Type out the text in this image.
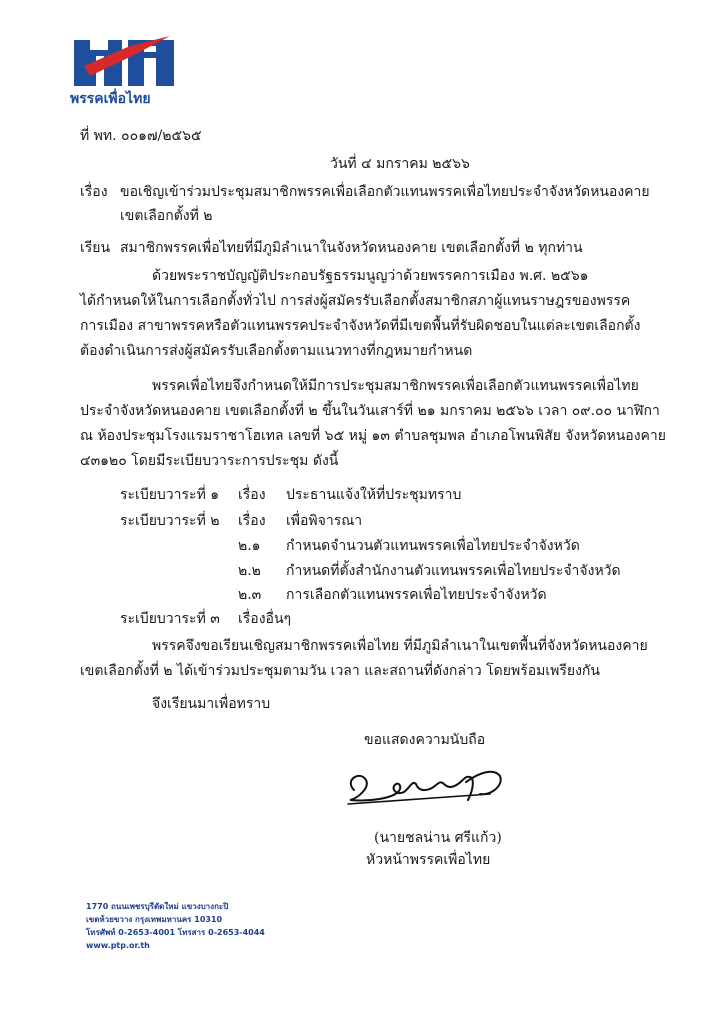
พรรคเพื่อไทย
ที่ พท. ๐๐๑๗/๒๕๖๕
วันที่ ๔ มกราคม ๒๕๖๖
เรื่อง ขอเชิญเข้าร่วมประชุมสมาชิกพรรคเพื่อเลือกตัวแทนพรรคเพื่อไทยประจำจังหวัดหนองคาย
เขตเลือกตั้งที่ ๒
เรียน สมาชิกพรรคเพื่อไทยที่มีภูมิลำเนาในจังหวัดหนองคาย เขตเลือกตั้งที่ ๒ ทุกท่าน
ด้วยพระราชบัญญัติประกอบรัฐธรรมนูญว่าด้วยพรรคการเมือง พ.ศ. ๒๕๖๑
ได้กำหนดให้ในการเลือกตั้งทั่วไป การส่งผู้สมัครรับเลือกตั้งสมาชิกสภาผู้แทนราษฎรของพรรค
การเมือง สาขาพรรคหรือตัวแทนพรรคประจำจังหวัดที่มีเขตพื้นที่รับผิดชอบในแต่ละเขตเลือกตั้ง
ต้องดำเนินการส่งผู้สมัครรับเลือกตั้งตามแนวทางที่กฎหมายกำหนด
พรรคเพื่อไทยจึงกำหนดให้มีการประชุมสมาชิกพรรคเพื่อเลือกตัวแทนพรรคเพื่อไทย
ประจำจังหวัดหนองคาย เขตเลือกตั้งที่ ๒ ขึ้นในวันเสาร์ที่ ๒๑ มกราคม ๒๕๖๖ เวลา ๐๙.๐๐ นาฬิกา
ณ ห้องประชุมโรงแรมราชาโฮเทล เลขที่ ๖๕ หมู่ ๑๓ ตำบลชุมพล อำเภอโพนพิสัย จังหวัดหนองคาย
๔๓๑๒๐ โดยมีระเบียบวาระการประชุม ดังนี้
ระเบียบวาระที่ ๑ เรื่อง ประธานแจ้งให้ที่ประชุมทราบ
ระเบียบวาระที่ ๒ เรื่อง เพื่อพิจารณา
๒.๑ กำหนดจำนวนตัวแทนพรรคเพื่อไทยประจำจังหวัด
๒.๒ กำหนดที่ตั้งสำนักงานตัวแทนพรรคเพื่อไทยประจำจังหวัด
๒.๓ การเลือกตัวแทนพรรคเพื่อไทยประจำจังหวัด
ระเบียบวาระที่ ๓ เรื่องอื่นๆ
พรรคจึงขอเรียนเชิญสมาชิกพรรคเพื่อไทย ที่มีภูมิลำเนาในเขตพื้นที่จังหวัดหนองคาย
เขตเลือกตั้งที่ ๒ ได้เข้าร่วมประชุมตามวัน เวลา และสถานที่ดังกล่าว โดยพร้อมเพรียงกัน
จึงเรียนมาเพื่อทราบ
ขอแสดงความนับถือ
(นายชลน่าน ศรีแก้ว)
หัวหน้าพรรคเพื่อไทย
1770 ถนนเพชรบุรีตัดใหม่ แขวงบางกะปิ
เขตห้วยขวาง กรุงเทพมหานคร 10310
โทรศัพท์ 0-2653-4001 โทรสาร 0-2653-4044
www.ptp.or.th
